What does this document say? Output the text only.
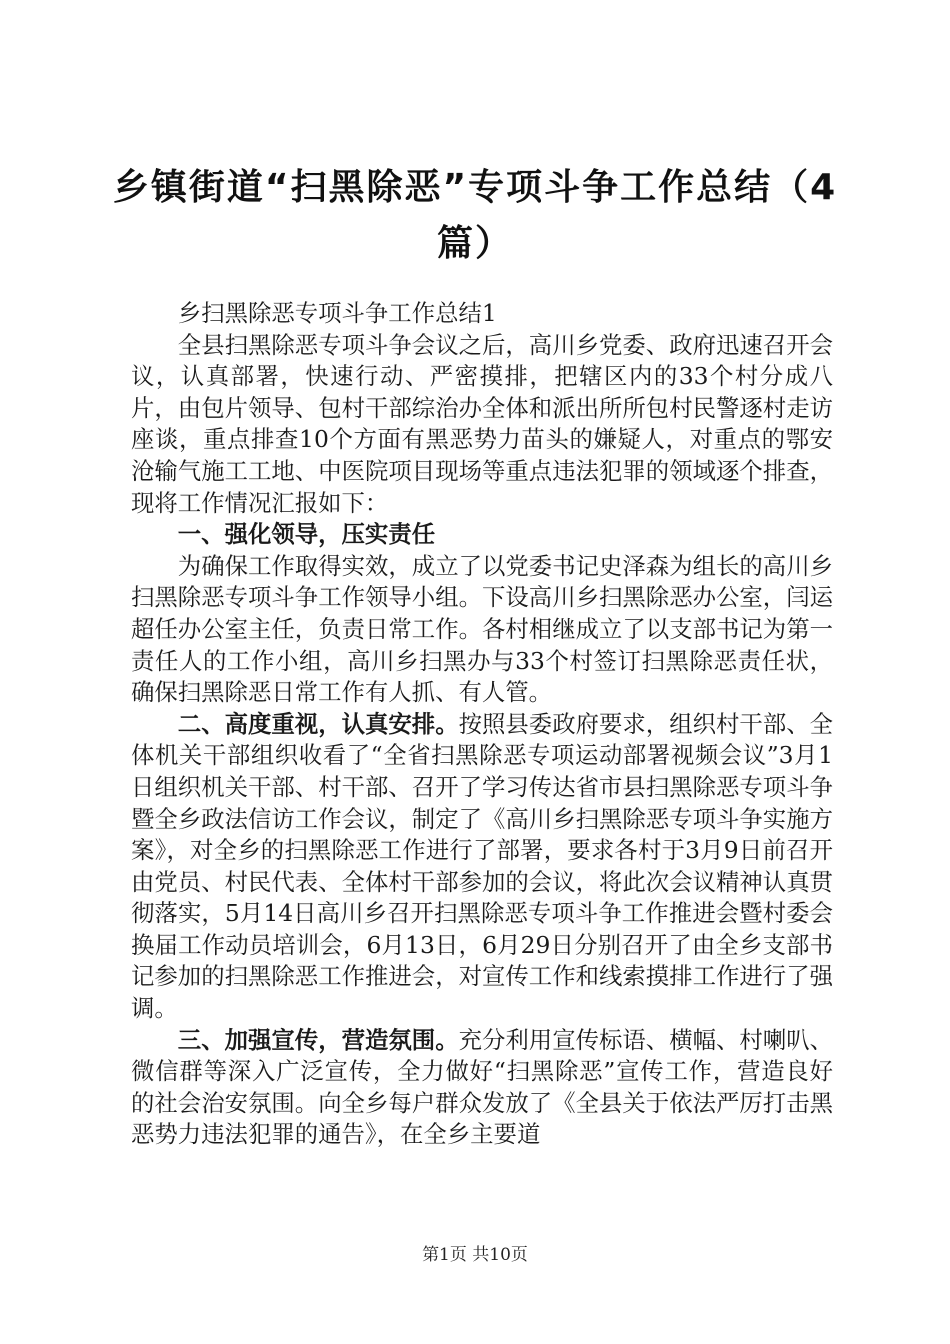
乡镇街道“扫黑除恶”专项斗争工作总结（4篇）

乡扫黑除恶专项斗争工作总结1

全县扫黑除恶专项斗争会议之后，高川乡党委、政府迅速召开会议，认真部署，快速行动、严密摸排，把辖区内的33个村分成八片，由包片领导、包村干部综治办全体和派出所所包村民警逐村走访座谈，重点排查10个方面有黑恶势力苗头的嫌疑人，对重点的鄂安沧输气施工工地、中医院项目现场等重点违法犯罪的领域逐个排查，现将工作情况汇报如下：

一、强化领导，压实责任

为确保工作取得实效，成立了以党委书记史泽森为组长的高川乡扫黑除恶专项斗争工作领导小组。下设高川乡扫黑除恶办公室，闫运超任办公室主任，负责日常工作。各村相继成立了以支部书记为第一责任人的工作小组，高川乡扫黑办与33个村签订扫黑除恶责任状，确保扫黑除恶日常工作有人抓、有人管。

二、高度重视，认真安排。按照县委政府要求，组织村干部、全体机关干部组织收看了“全省扫黑除恶专项运动部署视频会议”3月1日组织机关干部、村干部、召开了学习传达省市县扫黑除恶专项斗争暨全乡政法信访工作会议，制定了《高川乡扫黑除恶专项斗争实施方案》，对全乡的扫黑除恶工作进行了部署，要求各村于3月9日前召开由党员、村民代表、全体村干部参加的会议，将此次会议精神认真贯彻落实，5月14日高川乡召开扫黑除恶专项斗争工作推进会暨村委会换届工作动员培训会，6月13日，6月29日分别召开了由全乡支部书记参加的扫黑除恶工作推进会，对宣传工作和线索摸排工作进行了强调。

三、加强宣传，营造氛围。充分利用宣传标语、横幅、村喇叭、微信群等深入广泛宣传，全力做好“扫黑除恶”宣传工作，营造良好的社会治安氛围。向全乡每户群众发放了《全县关于依法严厉打击黑恶势力违法犯罪的通告》，在全乡主要道

第1页 共10页
